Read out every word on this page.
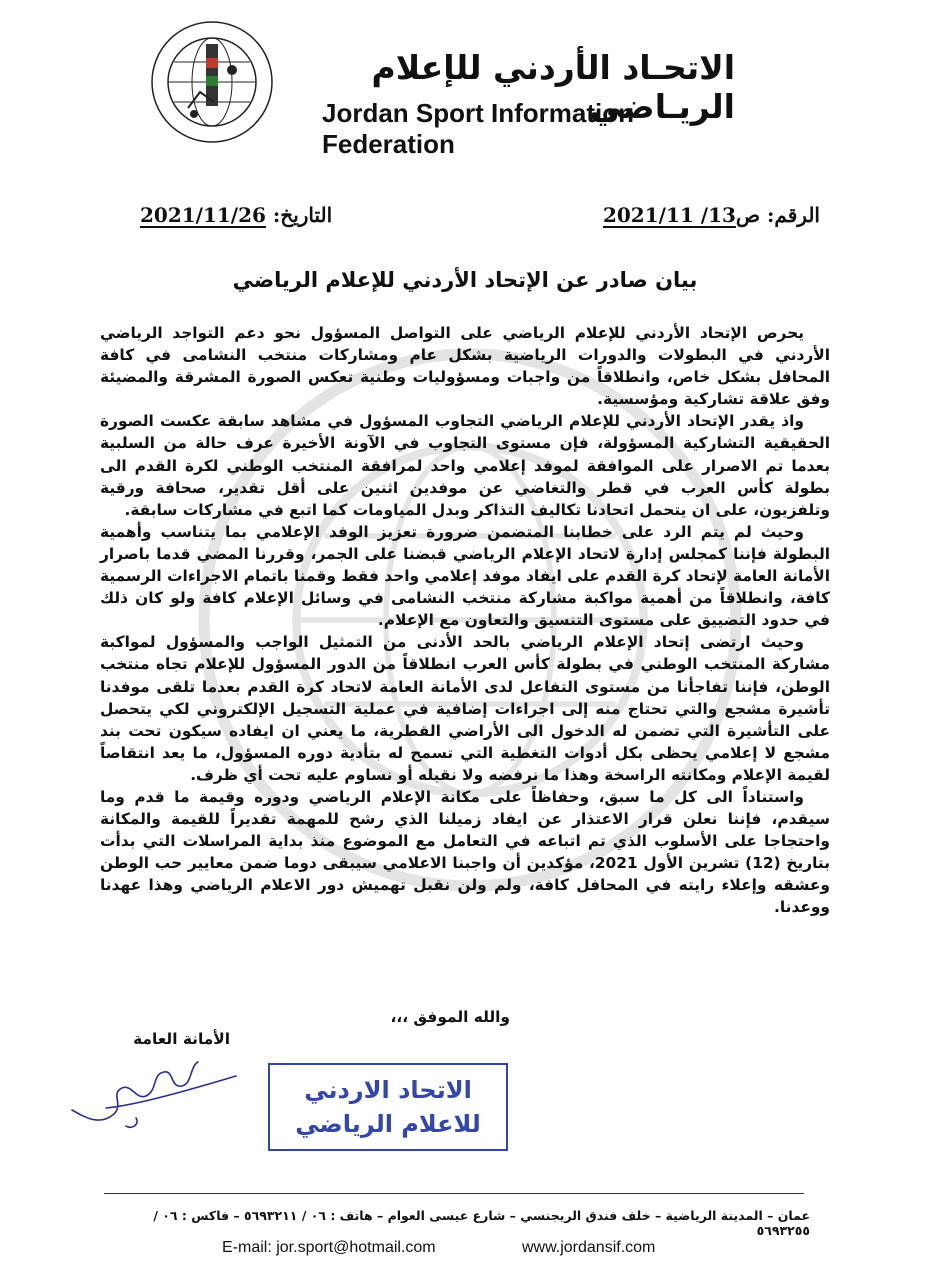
الاتحـاد الأردني للإعلام الريـاضي
Jordan Sport Information Federation
الرقم: ص13/ 2021/11
التاريخ: 2021/11/26
بيان صادر عن الإتحاد الأردني للإعلام الرياضي

يحرص الإتحاد الأردني للإعلام الرياضي على التواصل المسؤول نحو دعم التواجد الرياضي الأردني في البطولات والدورات الرياضية بشكل عام ومشاركات منتخب النشامى في كافة المحافل بشكل خاص، وانطلاقاً من واجبات ومسؤوليات وطنية تعكس الصورة المشرقة والمضيئة وفق علاقة تشاركية ومؤسسية.

واذ يقدر الإتحاد الأردني للإعلام الرياضي التجاوب المسؤول في مشاهد سابقة عكست الصورة الحقيقية التشاركية المسؤولة، فإن مستوى التجاوب في الآونة الأخيرة عرف حالة من السلبية بعدما تم الاصرار على الموافقة لموفد إعلامي واحد لمرافقة المنتخب الوطني لكرة القدم الى بطولة كأس العرب في قطر والتغاضي عن موفدين اثنين على أقل تقدير، صحافة ورقية وتلفزيون، على ان يتحمل اتحادنا تكاليف التذاكر وبدل المياومات كما اتبع في مشاركات سابقة.

وحيث لم يتم الرد على خطابنا المتضمن ضرورة تعزيز الوفد الإعلامي بما يتناسب وأهمية البطولة فإننا كمجلس إدارة لاتحاد الإعلام الرياضي قبضنا على الجمر، وقررنا المضي قدما باصرار الأمانة العامة لإتحاد كرة القدم على ايفاد موفد إعلامي واحد فقط وقمنا باتمام الاجراءات الرسمية كافة، وانطلاقاً من أهمية مواكبة مشاركة منتخب النشامى في وسائل الإعلام كافة ولو كان ذلك في حدود التضييق على مستوى التنسيق والتعاون مع الإعلام.

وحيث ارتضى إتحاد الإعلام الرياضي بالحد الأدنى من التمثيل الواجب والمسؤول لمواكبة مشاركة المنتخب الوطني في بطولة كأس العرب انطلاقاً من الدور المسؤول للإعلام تجاه منتخب الوطن، فإننا تفاجأنا من مستوى التفاعل لدى الأمانة العامة لاتحاد كرة القدم بعدما تلقى موفدنا تأشيرة مشجع والتي تحتاج منه إلى اجراءات إضافية في عملية التسجيل الإلكتروني لكي يتحصل على التأشيرة التي تضمن له الدخول الى الأراضي القطرية، ما يعني ان ايفاده سيكون تحت بند مشجع لا إعلامي يحظى بكل أدوات التغطية التي تسمح له بتأدية دوره المسؤول، ما يعد انتقاصاً لقيمة الإعلام ومكانته الراسخة وهذا ما نرفضه ولا نقبله أو نساوم عليه تحت أي ظرف.

واستناداً الى كل ما سبق، وحفاظاً على مكانة الإعلام الرياضي ودوره وقيمة ما قدم وما سيقدم، فإننا نعلن قرار الاعتذار عن ايفاد زميلنا الذي رشح للمهمة تقديراً للقيمة والمكانة واحتجاجا على الأسلوب الذي تم اتباعه في التعامل مع الموضوع منذ بداية المراسلات التي بدأت بتاريخ (12) تشرين الأول 2021، مؤكدين أن واجبنا الاعلامي سيبقى دوما ضمن معايير حب الوطن وعشقه وإعلاء رايته في المحافل كافة، ولم ولن نقبل تهميش دور الاعلام الرياضي وهذا عهدنا ووعدنا.

والله الموفق ،،،
الأمانة العامة
الاتحاد الاردني
للاعلام الرياضي
عمان – المدينة الرياضية – خلف فندق الريجنسي – شارع عيسى العوام – هاتف : ٠٦ / ٥٦٩٣٢١١ – فاكس : ٠٦ / ٥٦٩٣٢٥٥
E-mail: jor.sport@hotmail.com	www.jordansif.com
